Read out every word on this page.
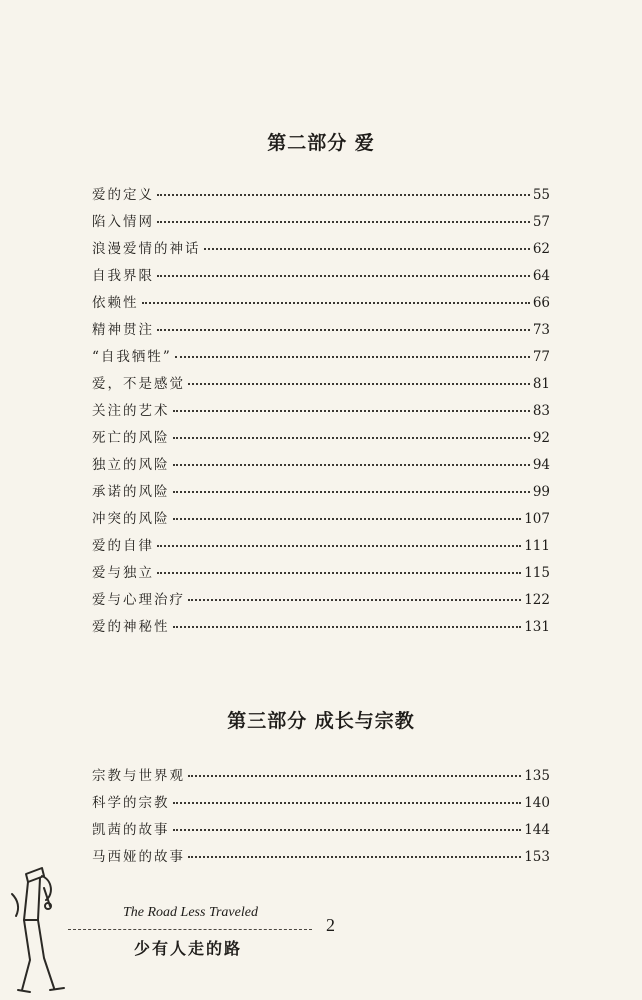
第二部分 爱
爱的定义	55
陷入情网	57
浪漫爱情的神话	62
自我界限	64
依赖性	66
精神贯注	73
“自我牺牲”	77
爱，不是感觉	81
关注的艺术	83
死亡的风险	92
独立的风险	94
承诺的风险	99
冲突的风险	107
爱的自律	111
爱与独立	115
爱与心理治疗	122
爱的神秘性	131
第三部分 成长与宗教
宗教与世界观	135
科学的宗教	140
凯茜的故事	144
马西娅的故事	153
The Road Less Traveled
2
少有人走的路
